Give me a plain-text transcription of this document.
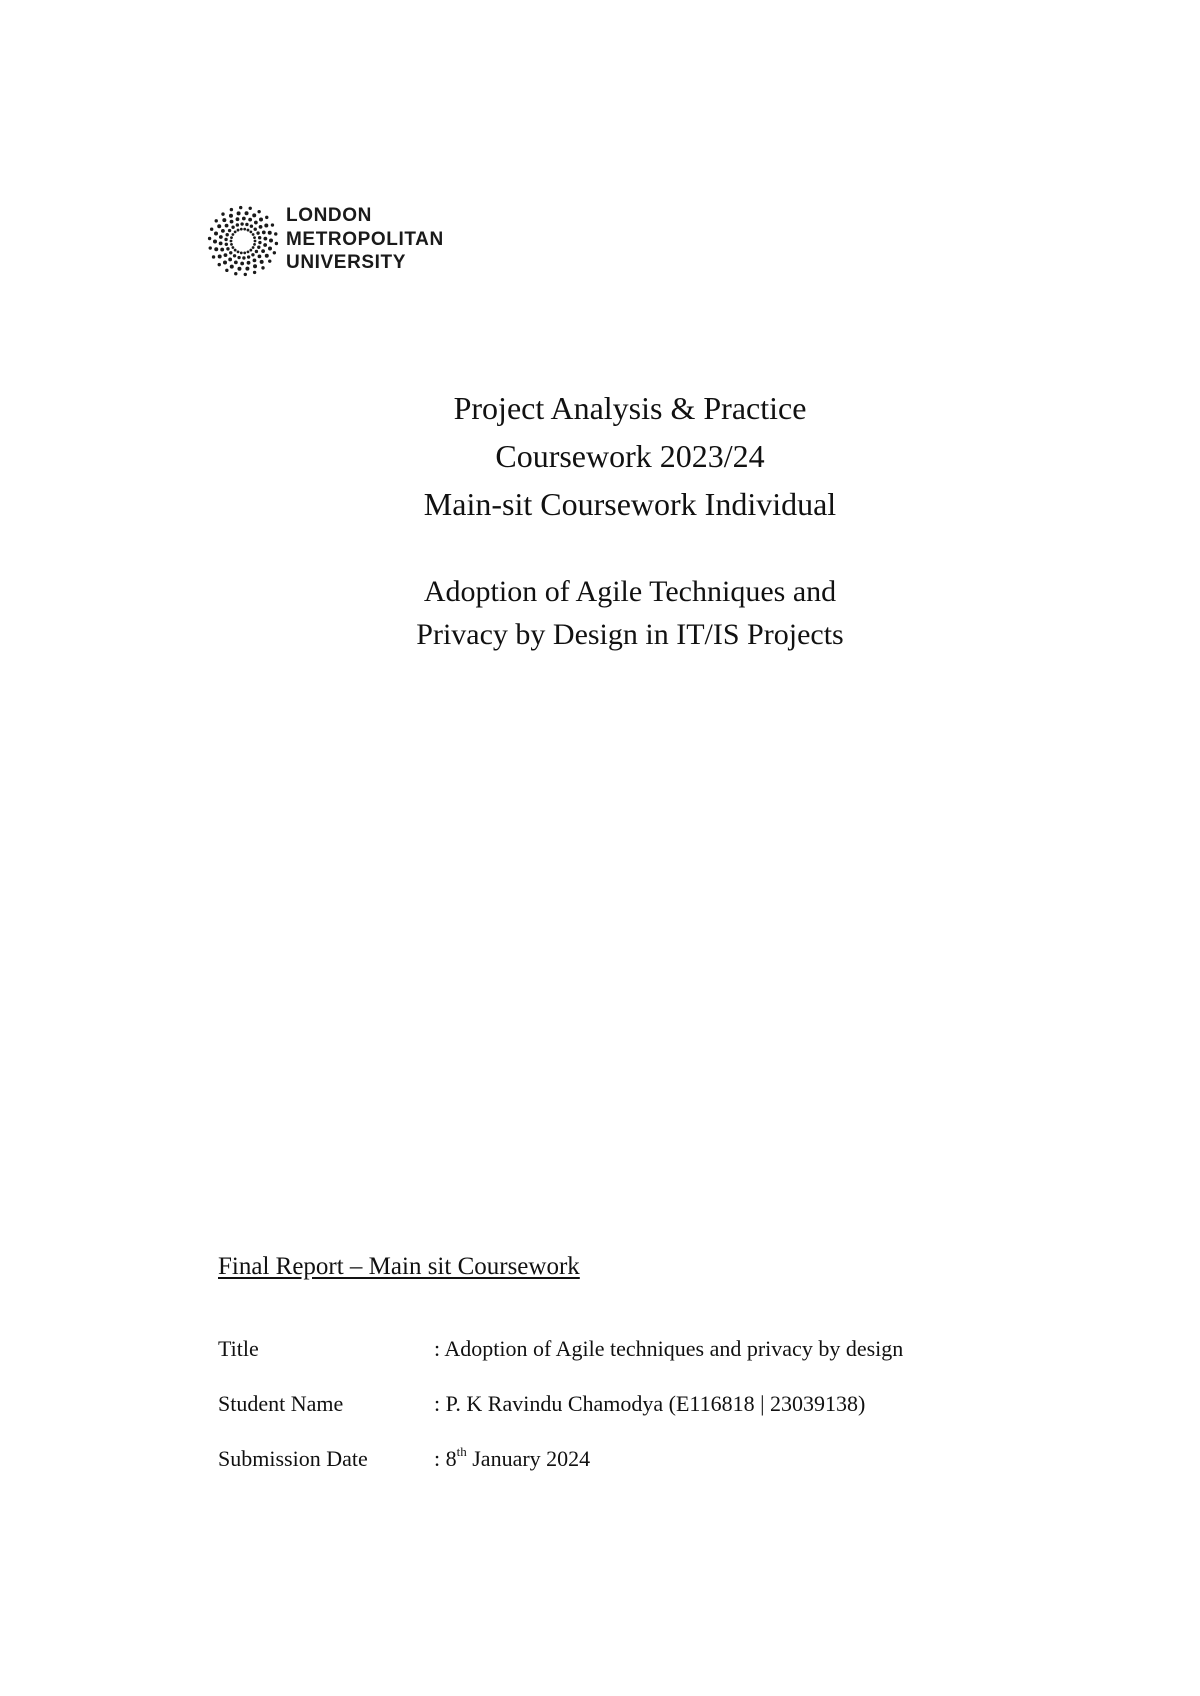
LONDON
METROPOLITAN
UNIVERSITY
Project Analysis & Practice
Coursework 2023/24
Main-sit Coursework Individual
Adoption of Agile Techniques and
Privacy by Design in IT/IS Projects
Final Report – Main sit Coursework
Title	: Adoption of Agile techniques and privacy by design
Student Name	: P. K Ravindu Chamodya (E116818 | 23039138)
Submission Date	: 8th January 2024
